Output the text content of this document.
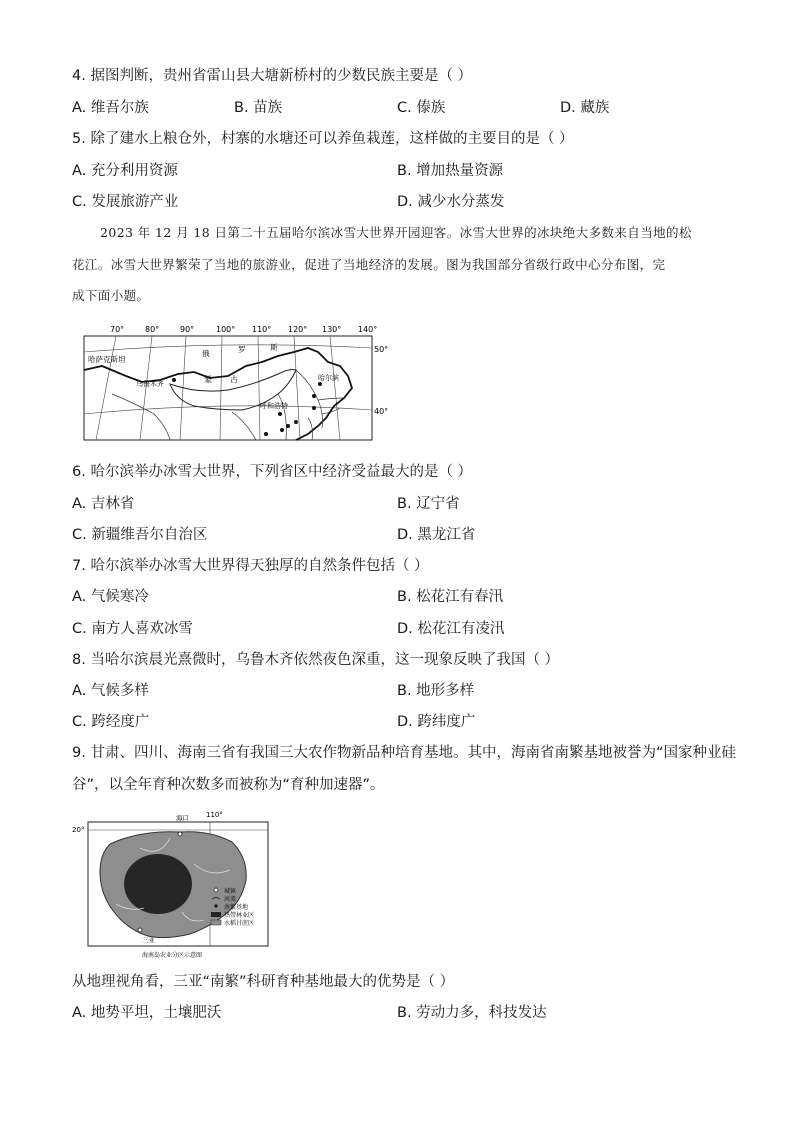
4. 据图判断，贵州省雷山县大塘新桥村的少数民族主要是（ ）
A. 维吾尔族	B. 苗族	C. 傣族	D. 藏族
5. 除了建水上粮仓外，村寨的水塘还可以养鱼栽莲，这样做的主要目的是（ ）
A. 充分利用资源	B. 增加热量资源
C. 发展旅游产业	D. 减少水分蒸发
2023 年 12 月 18 日第二十五届哈尔滨冰雪大世界开园迎客。冰雪大世界的冰块绝大多数来自当地的松
花江。冰雪大世界繁荣了当地的旅游业，促进了当地经济的发展。图为我国部分省级行政中心分布图，完
成下面小题。
70°	80°	90°	100° 110° 120° 130° 140°
50°
40°
哈萨克斯坦
俄	罗	斯
蒙 古
乌鲁木齐
哈尔滨
呼和浩特
6. 哈尔滨举办冰雪大世界，下列省区中经济受益最大的是（ ）
A. 吉林省	B. 辽宁省
C. 新疆维吾尔自治区	D. 黑龙江省
7. 哈尔滨举办冰雪大世界得天独厚的自然条件包括（ ）
A. 气候寒冷	B. 松花江有春汛
C. 南方人喜欢冰雪	D. 松花江有凌汛
8. 当哈尔滨晨光熹微时，乌鲁木齐依然夜色深重，这一现象反映了我国（ ）
A. 气候多样	B. 地形多样
C. 跨经度广	D. 跨纬度广
9. 甘肃、四川、海南三省有我国三大农作物新品种培育基地。其中，海南省南繁基地被誉为“国家种业硅
谷”，以全年育种次数多而被称为“育种加速器”。
110°
20°
海口
三亚
城镇
河流
南繁基地
热带林业区
水稻甘蔗区
海南岛农业分区示意图
从地理视角看，三亚“南繁”科研育种基地最大的优势是（ ）
A. 地势平坦，土壤肥沃	B. 劳动力多，科技发达
